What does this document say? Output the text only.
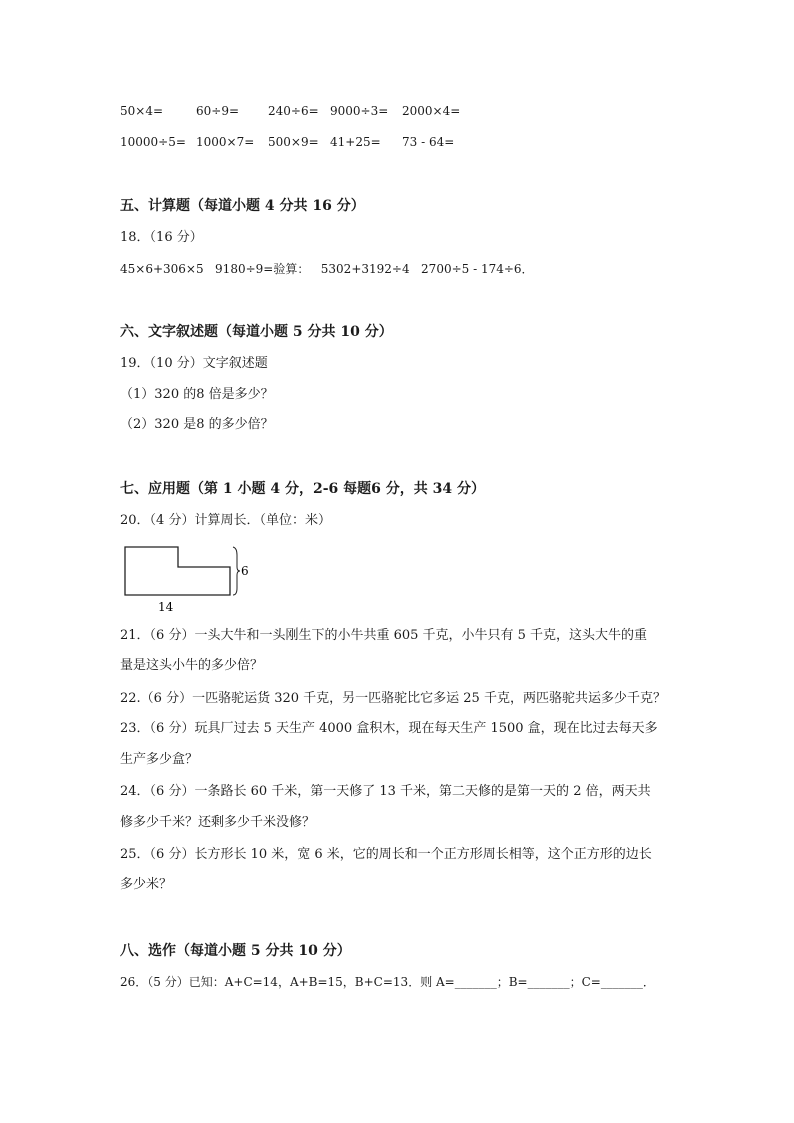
50×4=	60÷9= 240÷6= 9000÷3= 2000×4=
10000÷5= 1000×7= 500×9= 41+25= 73 - 64=
五、计算题（每道小题 4 分共 16 分）
18．（16 分）
45×6+306×5   9180÷9=验算：   5302+3192÷4   2700÷5 - 174÷6．
六、文字叙述题（每道小题 5 分共 10 分）
19．（10 分）文字叙述题
（1）320 的8 倍是多少？
（2）320 是8 的多少倍？
七、应用题（第 1 小题 4 分，2-6 每题6 分，共 34 分）
20．（4 分）计算周长．（单位：米）
6
14
21．（6 分）一头大牛和一头刚生下的小牛共重 605 千克，小牛只有 5 千克，这头大牛的重
量是这头小牛的多少倍？
22.（6 分）一匹骆驼运货 320 千克，另一匹骆驼比它多运 25 千克，两匹骆驼共运多少千克？
23．（6 分）玩具厂过去 5 天生产 4000 盒积木，现在每天生产 1500 盒，现在比过去每天多
生产多少盒？
24．（6 分）一条路长 60 千米，第一天修了 13 千米，第二天修的是第一天的 2 倍，两天共
修多少千米？还剩多少千米没修？
25．（6 分）长方形长 10 米，宽 6 米，它的周长和一个正方形周长相等，这个正方形的边长
多少米？
八、选作（每道小题 5 分共 10 分）
26．（5 分）已知：A+C=14，A+B=15，B+C=13．则 A=_______；B=_______；C=_______．
